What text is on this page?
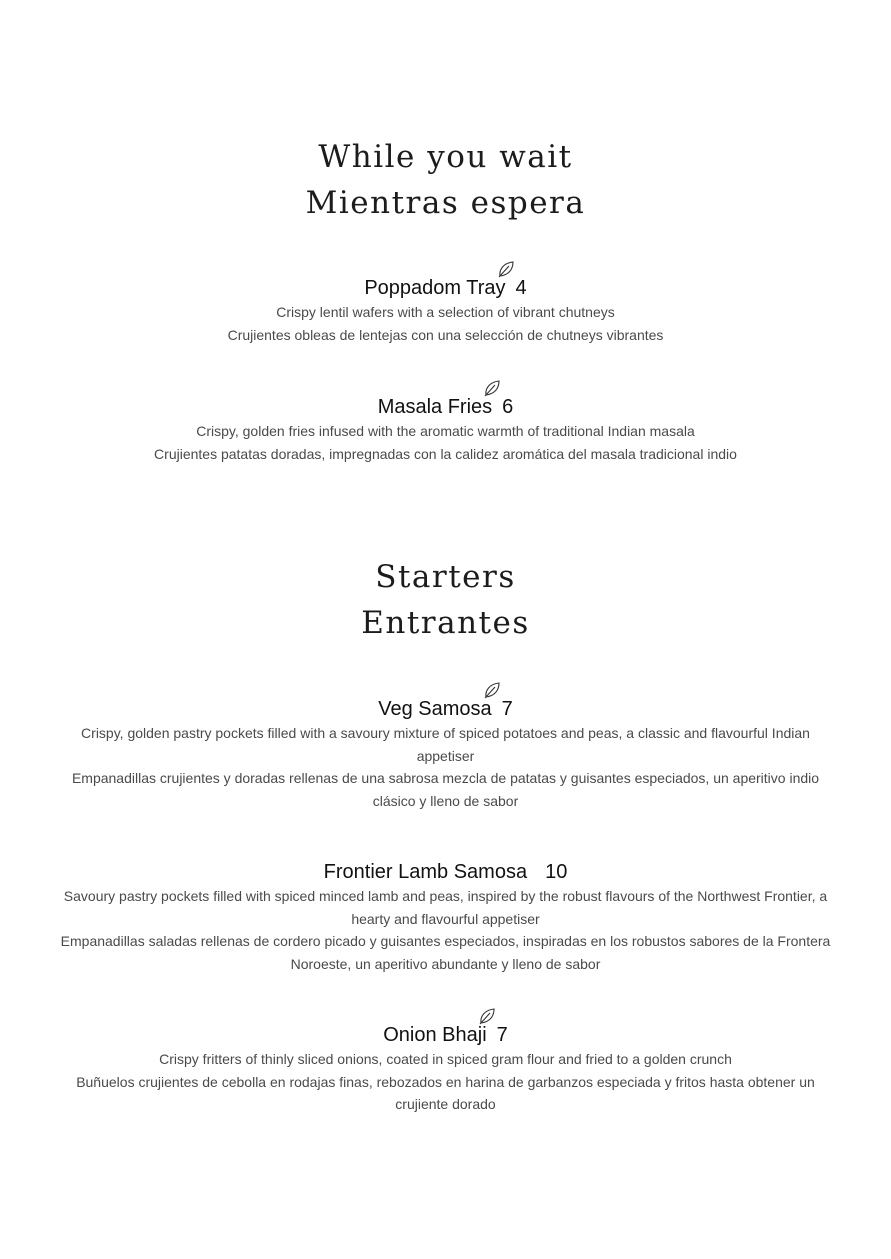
While you wait
Mientras espera
Poppadom Tray 4
Crispy lentil wafers with a selection of vibrant chutneys
Crujientes obleas de lentejas con una selección de chutneys vibrantes
Masala Fries 6
Crispy, golden fries infused with the aromatic warmth of traditional Indian masala
Crujientes patatas doradas, impregnadas con la calidez aromática del masala tradicional indio
Starters
Entrantes
Veg Samosa 7
Crispy, golden pastry pockets filled with a savoury mixture of spiced potatoes and peas, a classic and flavourful Indian appetiser
Empanadillas crujientes y doradas rellenas de una sabrosa mezcla de patatas y guisantes especiados, un aperitivo indio clásico y lleno de sabor
Frontier Lamb Samosa 10
Savoury pastry pockets filled with spiced minced lamb and peas, inspired by the robust flavours of the Northwest Frontier, a hearty and flavourful appetiser
Empanadillas saladas rellenas de cordero picado y guisantes especiados, inspiradas en los robustos sabores de la Frontera Noroeste, un aperitivo abundante y lleno de sabor
Onion Bhaji 7
Crispy fritters of thinly sliced onions, coated in spiced gram flour and fried to a golden crunch
Buñuelos crujientes de cebolla en rodajas finas, rebozados en harina de garbanzos especiada y fritos hasta obtener un crujiente dorado
